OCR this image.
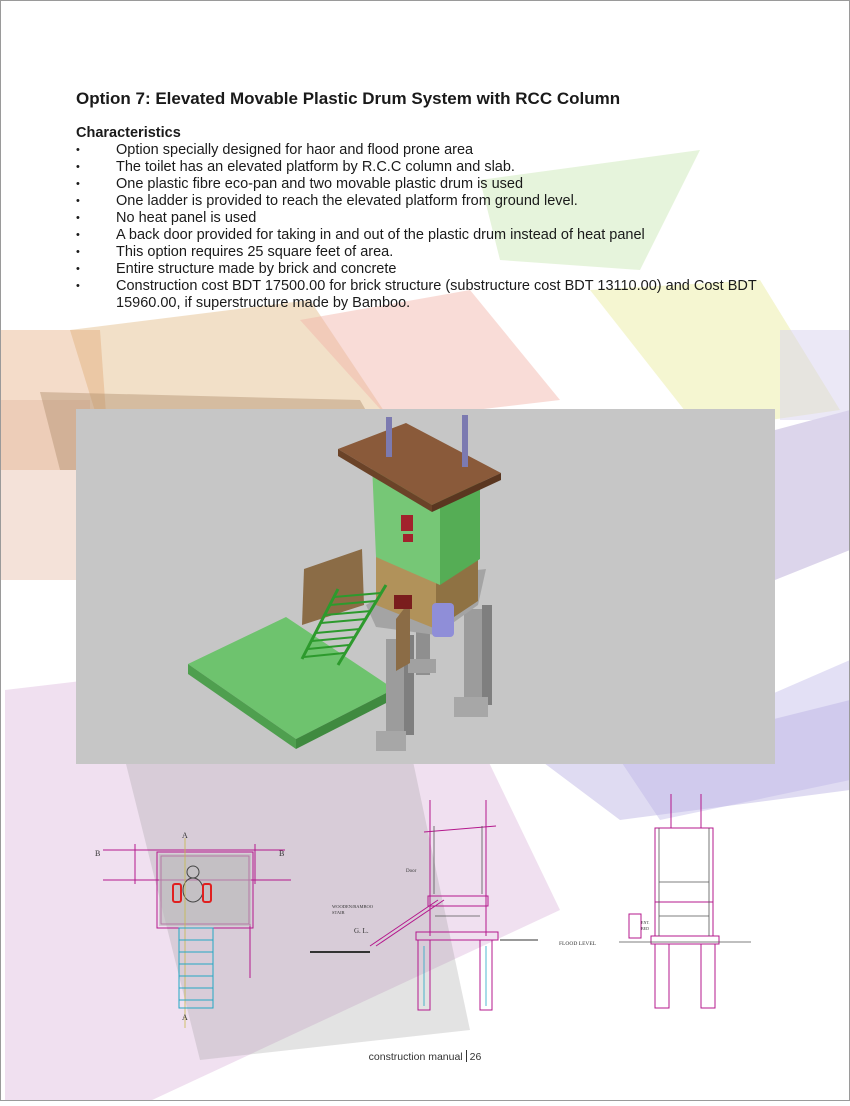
Option 7: Elevated Movable Plastic Drum System with RCC Column
Characteristics
• Option specially designed for haor and flood prone area
• The toilet has an elevated platform by R.C.C column and slab.
• One plastic fibre eco-pan and two movable plastic drum is used
• One ladder is provided to reach the elevated platform from ground level.
• No heat panel is used
• A back door provided for taking in and out of the plastic drum instead of heat panel
• This option requires 25 square feet of area.
• Entire structure made by brick and concrete
• Construction cost BDT 17500.00 for brick structure (substructure cost BDT 13110.00) and Cost BDT 15960.00, if superstructure made by Bamboo.
A
A
B	B
Door
WOODEN/BAMBOO
STAIR
G. L.
FLOOD LEVEL
ENT.
BED
construction manual 26
